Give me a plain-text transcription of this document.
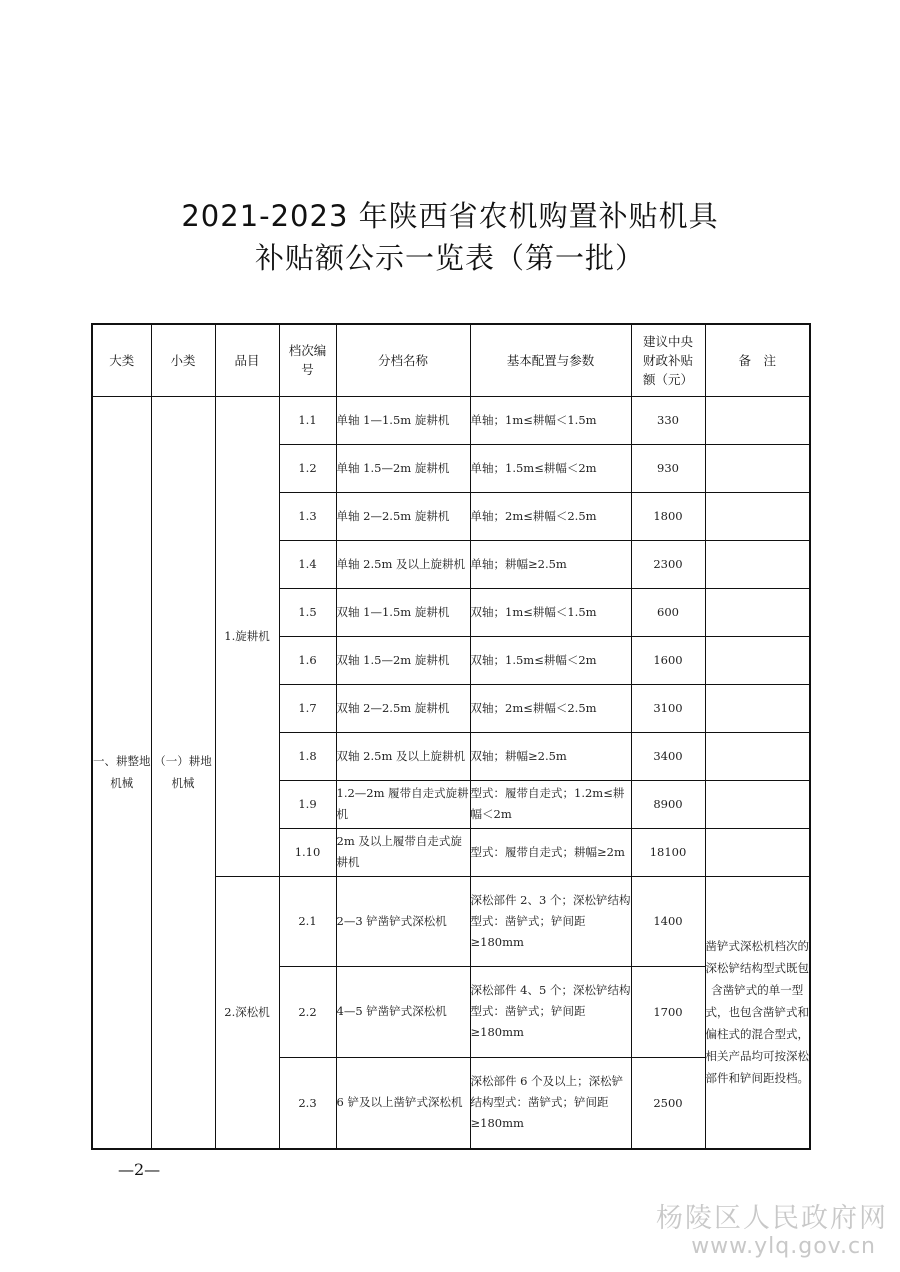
2021-2023 年陕西省农机购置补贴机具
补贴额公示一览表（第一批）
大类	小类	品目	档次编号	分档名称	基本配置与参数	建议中央财政补贴额（元）	备　注
一、耕整地机械	（一）耕地机械	1.旋耕机	1.1	单轴 1—1.5m 旋耕机	单轴；1m≤耕幅＜1.5m	330	
			1.2	单轴 1.5—2m 旋耕机	单轴；1.5m≤耕幅＜2m	930	
			1.3	单轴 2—2.5m 旋耕机	单轴；2m≤耕幅＜2.5m	1800	
			1.4	单轴 2.5m 及以上旋耕机	单轴；耕幅≥2.5m	2300	
			1.5	双轴 1—1.5m 旋耕机	双轴；1m≤耕幅＜1.5m	600	
			1.6	双轴 1.5—2m 旋耕机	双轴；1.5m≤耕幅＜2m	1600	
			1.7	双轴 2—2.5m 旋耕机	双轴；2m≤耕幅＜2.5m	3100	
			1.8	双轴 2.5m 及以上旋耕机	双轴；耕幅≥2.5m	3400	
			1.9	1.2—2m 履带自走式旋耕机	型式：履带自走式；1.2m≤耕幅＜2m	8900	
			1.10	2m 及以上履带自走式旋耕机	型式：履带自走式；耕幅≥2m	18100	
		2.深松机	2.1	2—3 铲凿铲式深松机	深松部件 2、3 个；深松铲结构型式：凿铲式；铲间距≥180mm	1400	凿铲式深松机档次的深松铲结构型式既包含凿铲式的单一型式，也包含凿铲式和偏柱式的混合型式，相关产品均可按深松部件和铲间距投档。
			2.2	4—5 铲凿铲式深松机	深松部件 4、5 个；深松铲结构型式：凿铲式；铲间距≥180mm	1700	
			2.3	6 铲及以上凿铲式深松机	深松部件 6 个及以上；深松铲结构型式：凿铲式；铲间距≥180mm	2500	
—2—
杨陵区人民政府网
www.ylq.gov.cn
